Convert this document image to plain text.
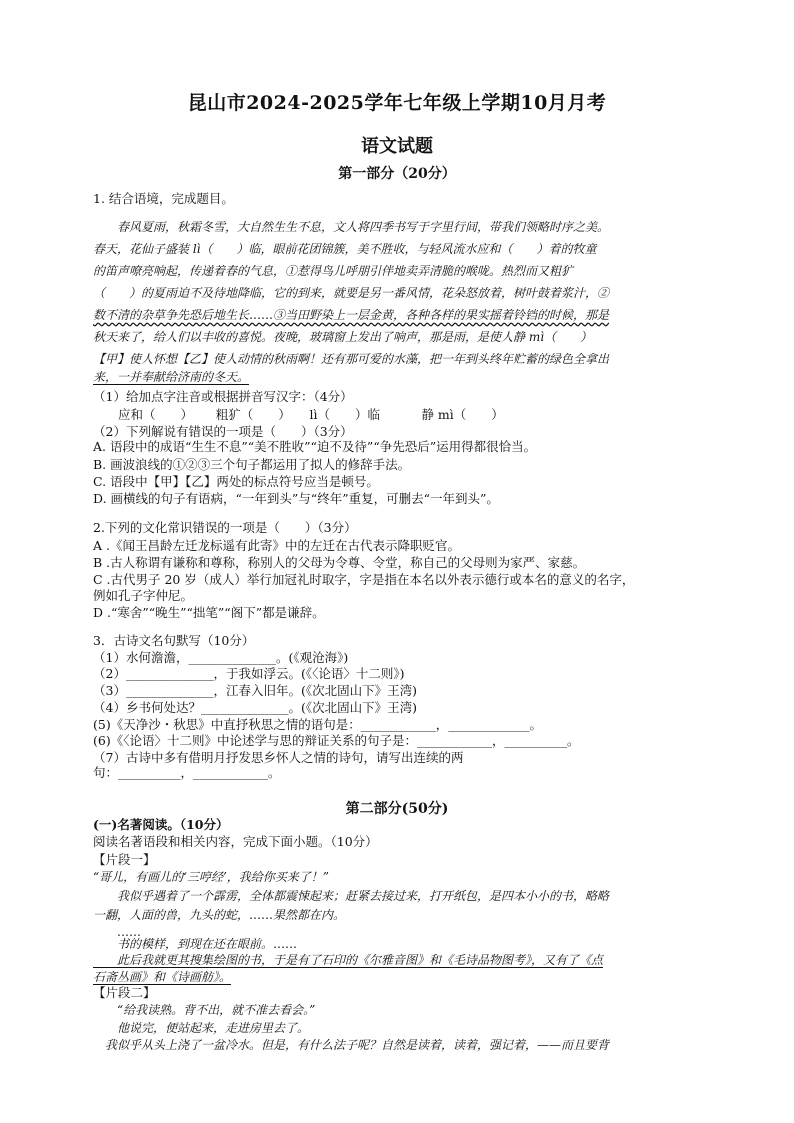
昆山市2024-2025学年七年级上学期10月月考
语文试题
第一部分（20分）
1. 结合语境，完成题目。
　　春风夏雨，秋霜冬雪，大自然生生不息，文人将四季书写于字里行间，带我们领略时序之美。
春天，花仙子盛装 lì（　　）临，眼前花团锦簇，美不胜收，与轻风流水应和（　　）着的牧童
的笛声嘹亮响起，传递着春的气息，①惹得鸟儿呼朋引伴地卖弄清脆的喉咙。热烈而又粗犷
（　　）的夏雨迫不及待地降临，它的到来，就要是另一番风情，花朵怒放着，树叶鼓着浆汁，②
数不清的杂草争先恐后地生长……③当田野染上一层金黄，各种各样的果实摇着铃铛的时候，那是
秋天来了，给人们以丰收的喜悦。夜晚，玻璃窗上发出了响声，那是雨，是使人静 mì（　　）
【甲】使人怀想【乙】使人动情的秋雨啊！还有那可爱的水藻，把一年到头终年贮蓄的绿色全拿出
来，一并奉献给济南的冬天。
（1）给加点字注音或根据拼音写汉字：（4分）
　　应和（　　）　　 粗犷（　　）　　lì（　　）临　　　 静 mì（　　）
（2）下列解说有错误的一项是（　　）（3分）
A. 语段中的成语“生生不息”“美不胜收”“迫不及待”“争先恐后”运用得都很恰当。
B. 画波浪线的①②③三个句子都运用了拟人的修辞手法。
C. 语段中【甲】【乙】两处的标点符号应当是顿号。
D. 画横线的句子有语病，“一年到头”与“终年”重复，可删去“一年到头”。
2.下列的文化常识错误的一项是（　　）（3分）
A .《闻王昌龄左迁龙标遥有此寄》中的左迁在古代表示降职贬官。
B .古人称谓有谦称和尊称，称别人的父母为令尊、令堂，称自己的父母则为家严、家慈。
C .古代男子 20 岁（成人）举行加冠礼时取字，字是指在本名以外表示德行或本名的意义的名字，
例如孔子字仲尼。
D .“寒舍”“晚生”“拙笔”“阁下”都是谦辞。
3．古诗文名句默写（10分）
（1）水何澹澹，______________。(《观沧海》)
（2）______________，于我如浮云。(《〈论语〉十二则》)
（3）______________，江春入旧年。(《次北固山下》王湾)
（4）乡书何处达？______________。(《次北固山下》王湾)
(5)《天净沙・秋思》中直抒秋思之情的语句是：____________，_____________。
(6)《〈论语〉十二则》中论述学与思的辩证关系的句子是：____________，__________。
（7）古诗中多有借明月抒发思乡怀人之情的诗句，请写出连续的两
句：__________，____________。
第二部分(50分)
(一)名著阅读。（10分）
阅读名著语段和相关内容，完成下面小题。（10分）
【片段一】
“哥儿，有画儿的‘三哼经’，我给你买来了！”
　　我似乎遇着了一个霹雳，全体都震悚起来；赶紧去接过来，打开纸包，是四本小小的书，略略
一翻，人面的兽，九头的蛇，……果然都在内。
　　……
　　书的模样，到现在还在眼前。……
　　此后我就更其搜集绘图的书，于是有了石印的《尔雅音图》和《毛诗品物图考》，又有了《点
石斋丛画》和《诗画舫》。
【片段二】
　　“给我读熟。背不出，就不准去看会。”
　　他说完，便站起来，走进房里去了。
　我似乎从头上浇了一盆冷水。但是，有什么法子呢？自然是读着，读着，强记着，——而且要背
